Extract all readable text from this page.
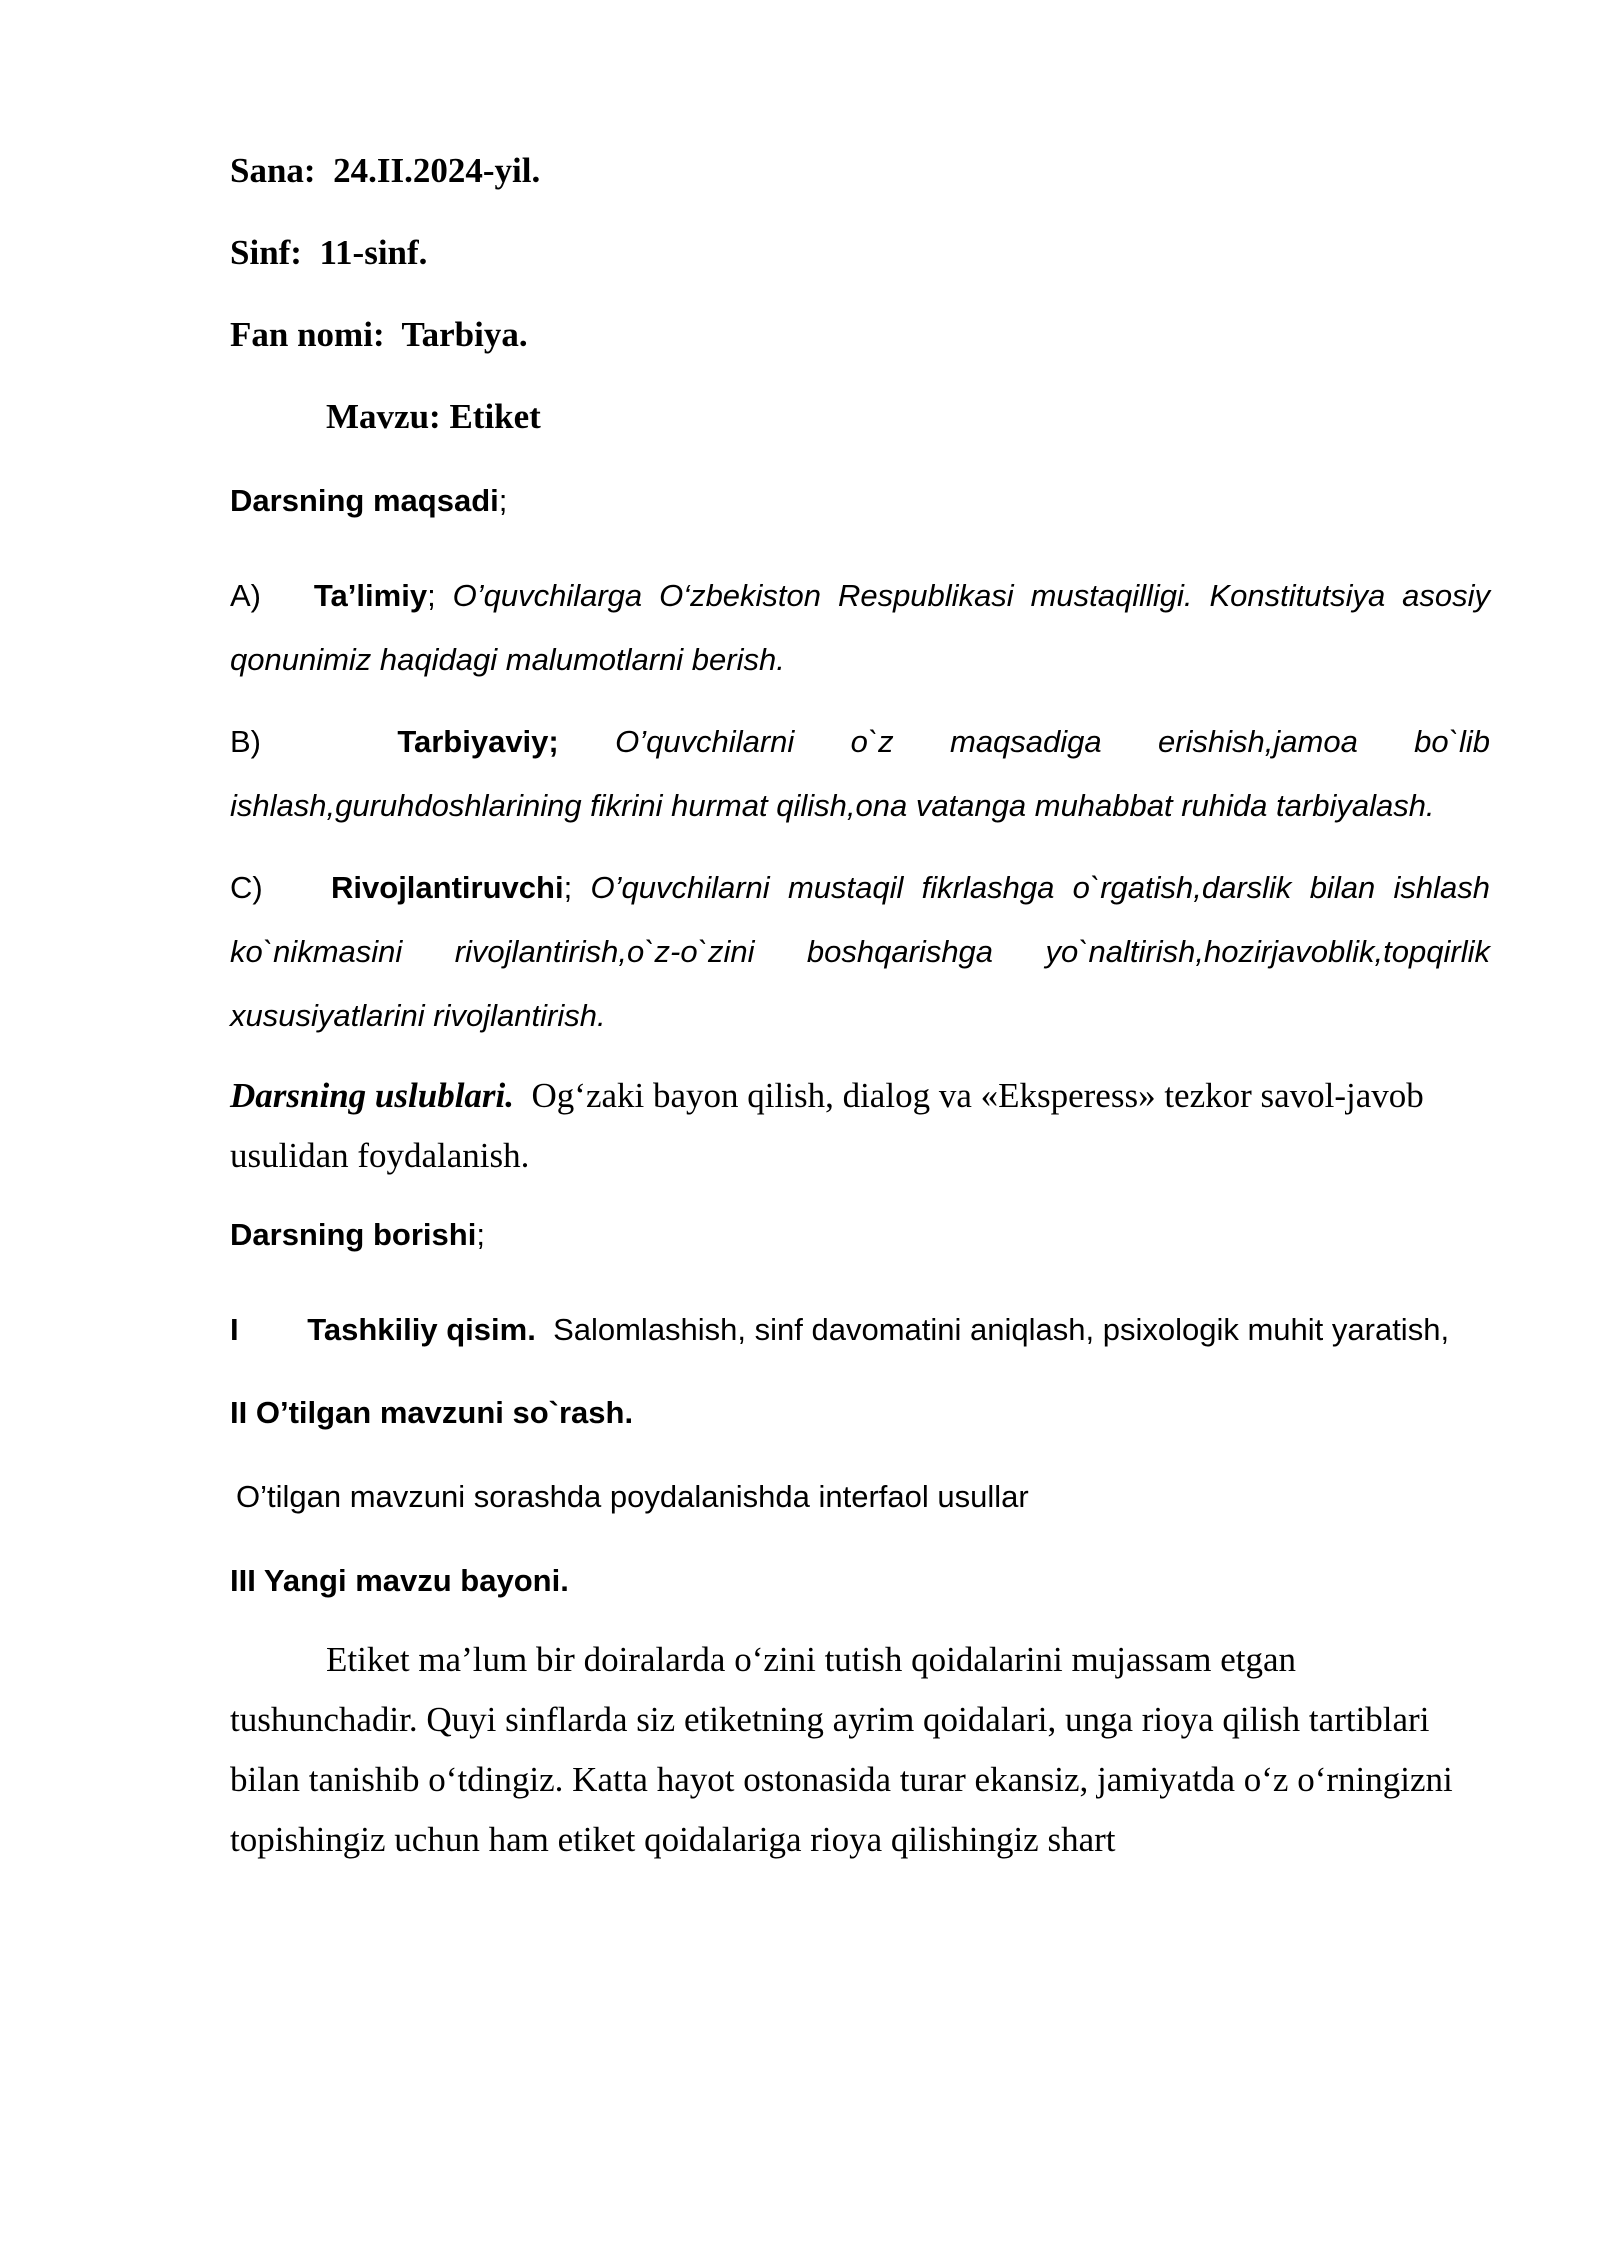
Sana: 24.II.2024-yil.

Sinf: 11-sinf.

Fan nomi: Tarbiya.

Mavzu: Etiket

Darsning maqsadi;

A) Ta’limiy; O’quvchilarga O‘zbekiston Respublikasi mustaqilligi. Konstitutsiya asosiy qonunimiz haqidagi malumotlarni berish.

B)	Tarbiyaviy; O’quvchilarni o`z maqsadiga erishish,jamoa bo`lib ishlash,guruhdoshlarining fikrini hurmat qilish,ona vatanga muhabbat ruhida tarbiyalash.

C) Rivojlantiruvchi; O’quvchilarni mustaqil fikrlashga o`rgatish,darslik bilan ishlash ko`nikmasini rivojlantirish,o`z-o`zini boshqarishga yo`naltirish,hozirjavoblik,topqirlik xususiyatlarini rivojlantirish.

Darsning uslublari. Og‘zaki bayon qilish, dialog va «Eksperess» tezkor savol-javob usulidan foydalanish.

Darsning borishi;

I Tashkiliy qisim. Salomlashish, sinf davomatini aniqlash, psixologik muhit yaratish,

II O’tilgan mavzuni so`rash.

O’tilgan mavzuni sorashda poydalanishda interfaol usullar

III Yangi mavzu bayoni.

Etiket ma’lum bir doiralarda o‘zini tutish qoidalarini mujassam etgan tushunchadir. Quyi sinflarda siz etiketning ayrim qoidalari, unga rioya qilish tartiblari bilan tanishib o‘tdingiz. Katta hayot ostonasida turar ekansiz, jamiyatda o‘z o‘rningizni topishingiz uchun ham etiket qoidalariga rioya qilishingiz shart
